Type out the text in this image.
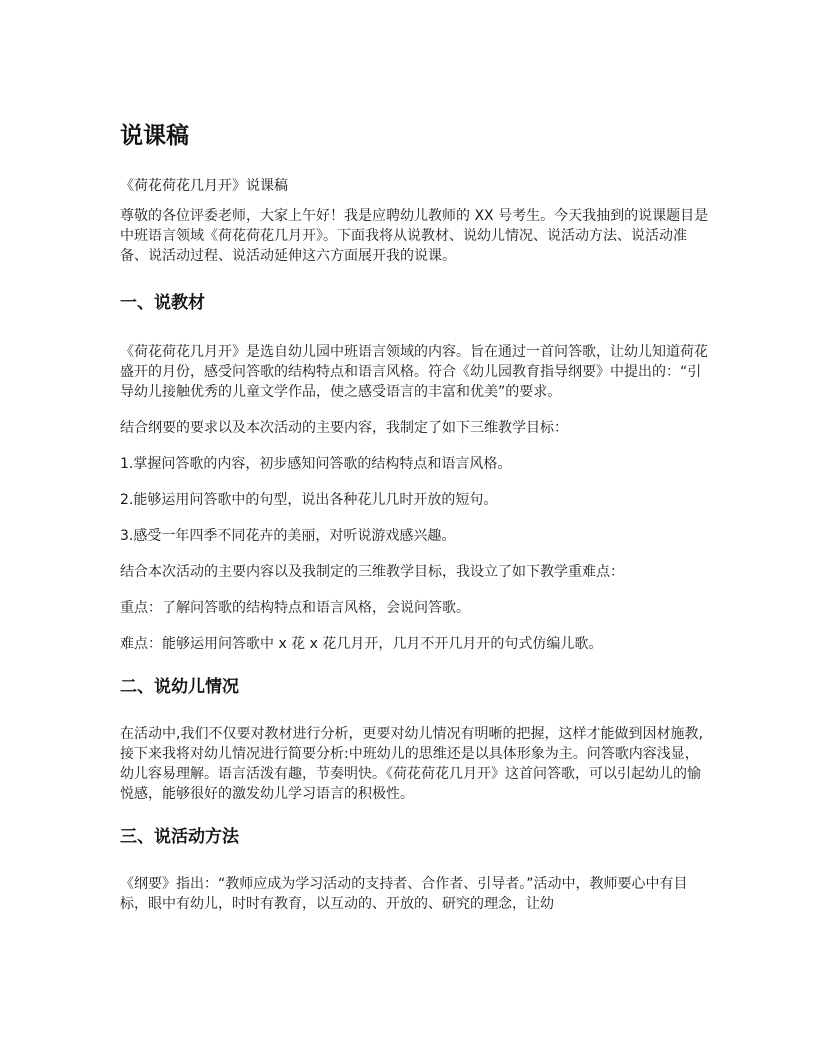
说课稿

《荷花荷花几月开》说课稿

尊敬的各位评委老师，大家上午好！我是应聘幼儿教师的 XX 号考生。今天我抽到的说课题目是中班语言领域《荷花荷花几月开》。下面我将从说教材、说幼儿情况、说活动方法、说活动准备、说活动过程、说活动延伸这六方面展开我的说课。

一、说教材

《荷花荷花几月开》是选自幼儿园中班语言领域的内容。旨在通过一首问答歌，让幼儿知道荷花盛开的月份，感受问答歌的结构特点和语言风格。符合《幼儿园教育指导纲要》中提出的：“引导幼儿接触优秀的儿童文学作品，使之感受语言的丰富和优美”的要求。

结合纲要的要求以及本次活动的主要内容，我制定了如下三维教学目标：

1.掌握问答歌的内容，初步感知问答歌的结构特点和语言风格。

2.能够运用问答歌中的句型，说出各种花儿几时开放的短句。

3.感受一年四季不同花卉的美丽，对听说游戏感兴趣。

结合本次活动的主要内容以及我制定的三维教学目标，我设立了如下教学重难点：

重点：了解问答歌的结构特点和语言风格，会说问答歌。

难点：能够运用问答歌中 x 花 x 花几月开，几月不开几月开的句式仿编儿歌。

二、说幼儿情况

在活动中,我们不仅要对教材进行分析，更要对幼儿情况有明晰的把握，这样才能做到因材施教,接下来我将对幼儿情况进行简要分析:中班幼儿的思维还是以具体形象为主。问答歌内容浅显，幼儿容易理解。语言活泼有趣，节奏明快。《荷花荷花几月开》这首问答歌，可以引起幼儿的愉悦感，能够很好的激发幼儿学习语言的积极性。

三、说活动方法

《纲要》指出：“教师应成为学习活动的支持者、合作者、引导者。”活动中，教师要心中有目标，眼中有幼儿，时时有教育，以互动的、开放的、研究的理念，让幼
